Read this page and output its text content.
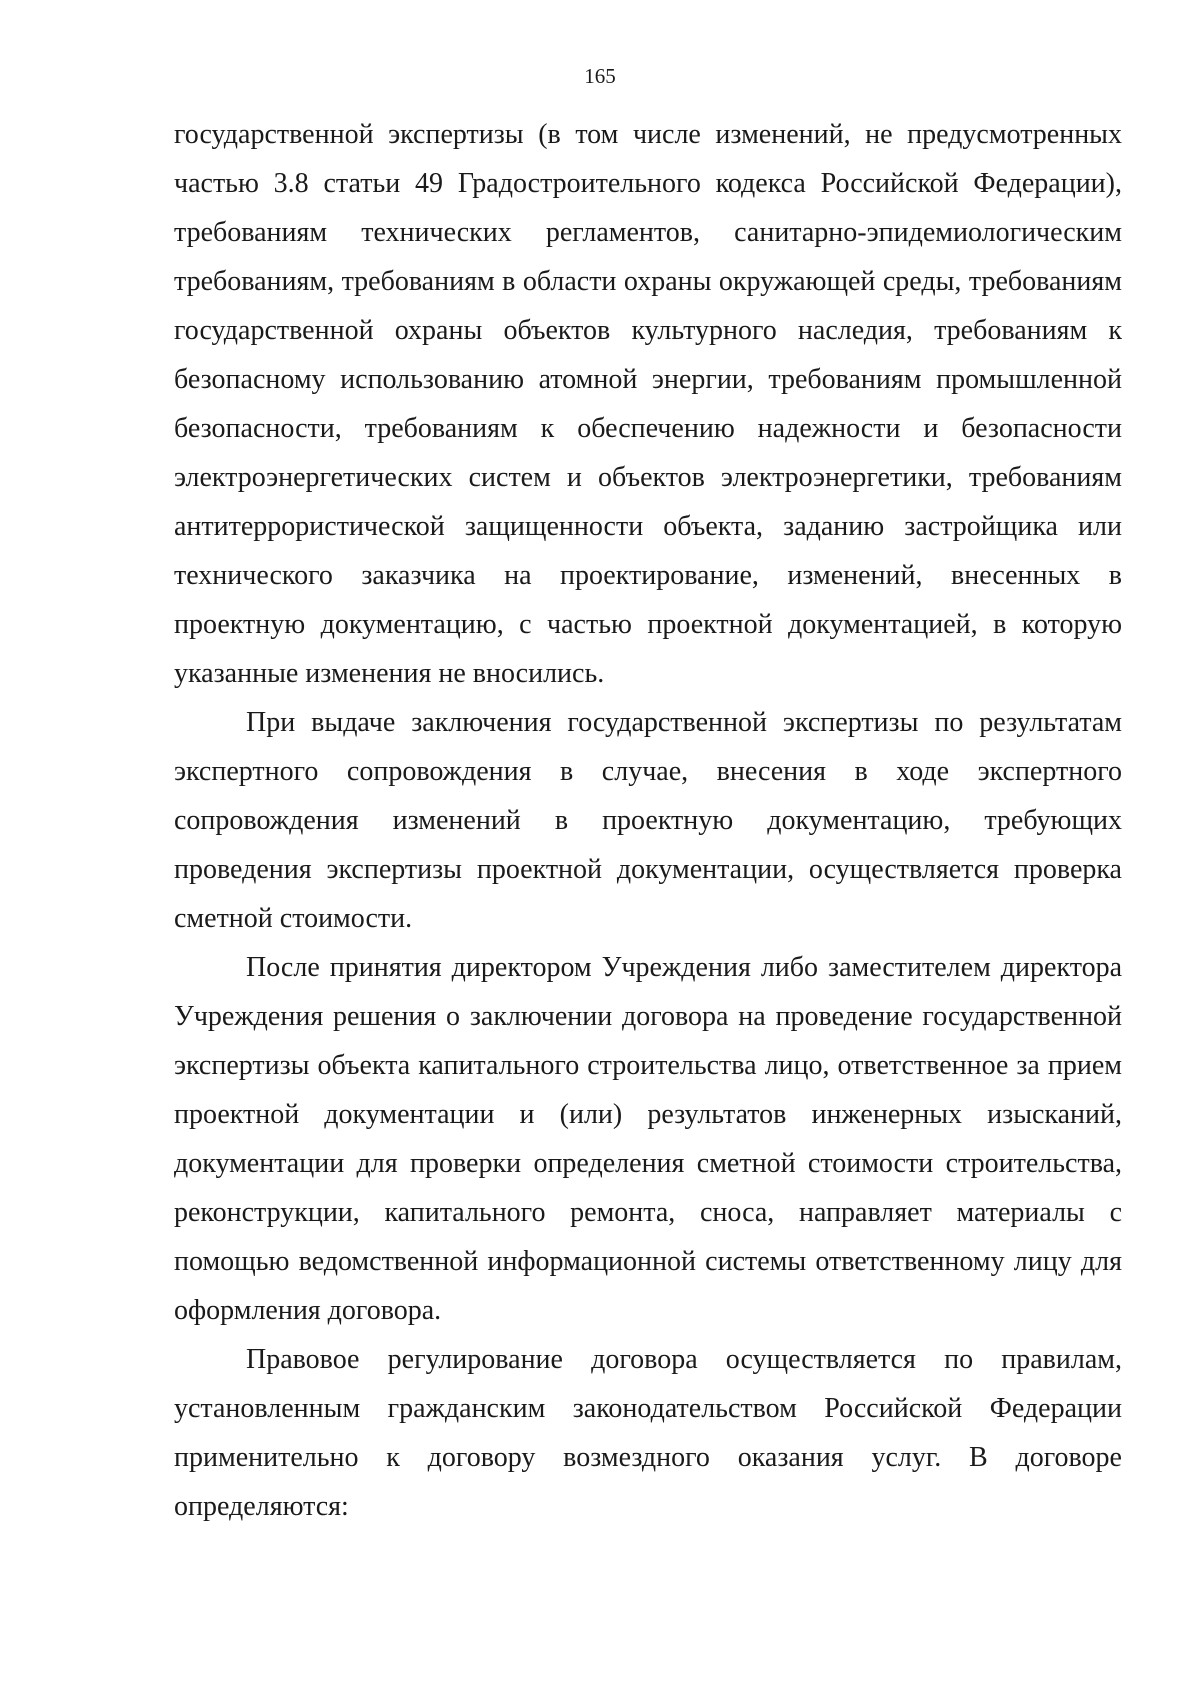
165

государственной экспертизы (в том числе изменений, не предусмотренных частью 3.8 статьи 49 Градостроительного кодекса Российской Федерации), требованиям технических регламентов, санитарно-эпидемиологическим требованиям, требованиям в области охраны окружающей среды, требованиям государственной охраны объектов культурного наследия, требованиям к безопасному использованию атомной энергии, требованиям промышленной безопасности, требованиям к обеспечению надежности и безопасности электроэнергетических систем и объектов электроэнергетики, требованиям антитеррористической защищенности объекта, заданию застройщика или технического заказчика на проектирование, изменений, внесенных в проектную документацию, с частью проектной документацией, в которую указанные изменения не вносились.

При выдаче заключения государственной экспертизы по результатам экспертного сопровождения в случае, внесения в ходе экспертного сопровождения изменений в проектную документацию, требующих проведения экспертизы проектной документации, осуществляется проверка сметной стоимости.

После принятия директором Учреждения либо заместителем директора Учреждения решения о заключении договора на проведение государственной экспертизы объекта капитального строительства лицо, ответственное за прием проектной документации и (или) результатов инженерных изысканий, документации для проверки определения сметной стоимости строительства, реконструкции, капитального ремонта, сноса, направляет материалы с помощью ведомственной информационной системы ответственному лицу для оформления договора.

Правовое регулирование договора осуществляется по правилам, установленным гражданским законодательством Российской Федерации применительно к договору возмездного оказания услуг. В договоре определяются:
